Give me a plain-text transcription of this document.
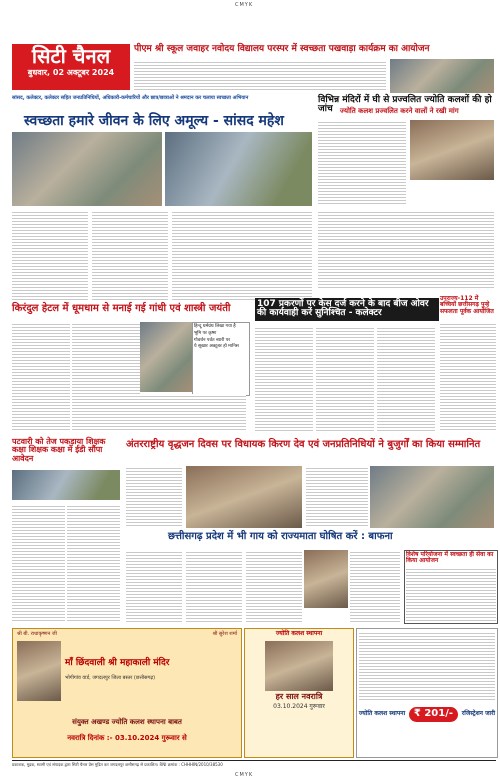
CMYK
सिटी चैनल
बुधवार, 02 अक्टूबर 2024
पीएम श्री स्कूल जवाहर नवोदय विद्यालय परस्पर में स्वच्छता पखवाड़ा कार्यक्रम का आयोजन
सांसद, कलेक्टर, कलेक्टर सहित जनप्रतिनिधियों, अधिकारी-कर्मचारियों और छात्र/छात्राओं ने श्रमदान कर चलाया स्वच्छता अभियान
स्वच्छता हमारे जीवन के लिए अमूल्य - सांसद महेश
विभिन्न मंदिरों में घी से प्रज्वलित ज्योति कलशों की हो जांच	ज्योति कलश प्रज्वलित करने वालों ने रखी मांग
किरंदुल हेटल में धूमधाम से मनाई गई गांधी एवं शास्त्री जयंती
हिन्दू धर्मग्रंथ लिखा गया है
भूमि पर कृष्ण
गोवर्धन पर्वत ब्यारी पर
ये सूखार अक्टूबर हो मानिस
107 प्रकरणों पर केस दर्ज करने के बाद बीज ओवर की कार्यवाही करें सुनिश्चित - कलेक्टर
उपराज्य-112 में बच्चियों छत्तीसगढ़ पुन्हे सफलता पूर्वक आयोजित
पटवारी को तेज पकड़ाया शिक्षक कक्षा शिक्षक कक्षा में ईडी सौंपा आवेदन
अंतरराष्ट्रीय वृद्धजन दिवस पर विधायक किरण देव एवं जनप्रतिनिधियों ने बुजुर्गों का किया सम्मानित
छत्तीसगढ़ प्रदेश में भी गाय को राज्यमाता घोषित करें : बाफना
विशेष परियोजना में स्वच्छता ही सेवा का किया आयोजन
श्री बी. राधाकृष्णन जी	श्री सुरेश शर्मा
माँ छिंदवाली श्री महाकाली मंदिर
भोगीगांव वार्ड, जगदलपुर जिला बस्तर (छत्तीसगढ़)
संयुक्त अखण्ड ज्योति कलश स्थापना बाबत
नवरात्रि दिनांक :- 03.10.2024 गुरूवार से
ज्योति कलश स्थापना
हर साल नवरात्रि
03.10.2024 गुरूवार
ज्योति कलश स्थापना ₹ 201/-	रजिस्ट्रेशन जारी
प्रकाशक, मुद्रक, स्वामी एवं संपादक द्वारा सिटी चैनल प्रेस मुद्रित कर जगदलपुर छत्तीसगढ़ से प्रकाशित। RNI क्रमांक : CHHHIN/2010/38530
CMYK
